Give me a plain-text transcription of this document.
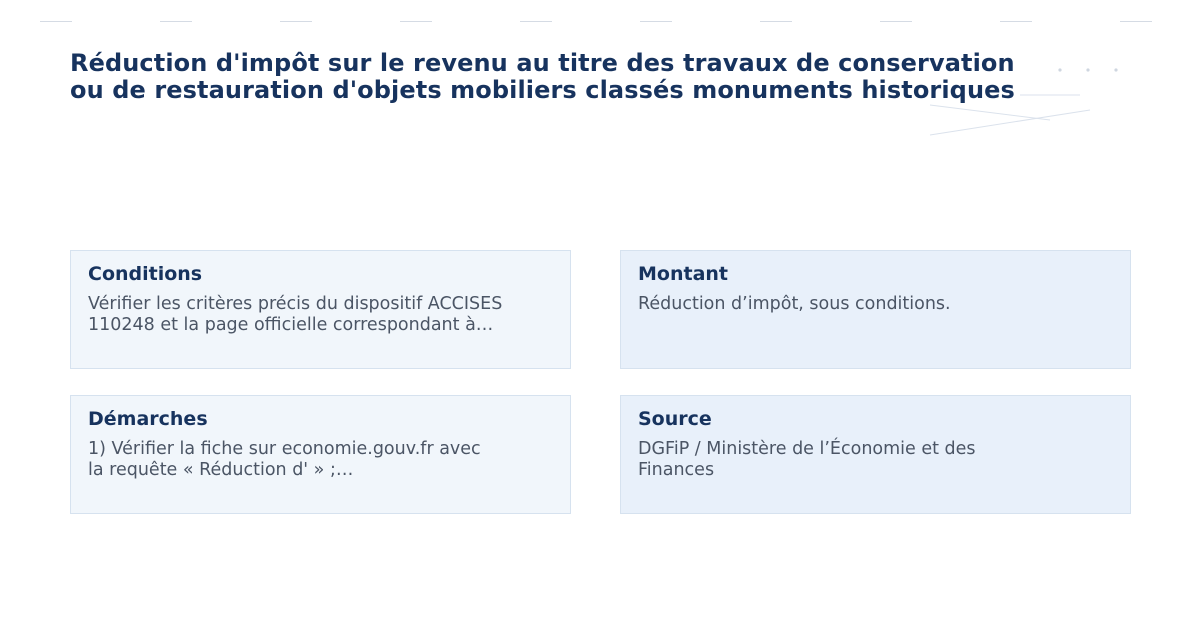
Réduction d'impôt sur le revenu au titre des travaux de conservation
ou de restauration d'objets mobiliers classés monuments historiques
Conditions
Vérifier les critères précis du dispositif ACCISES
110248 et la page officielle correspondant à…
Montant
Réduction d’impôt, sous conditions.
Démarches
1) Vérifier la fiche sur economie.gouv.fr avec
la requête « Réduction d' » ;…
Source
DGFiP / Ministère de l’Économie et des
Finances
